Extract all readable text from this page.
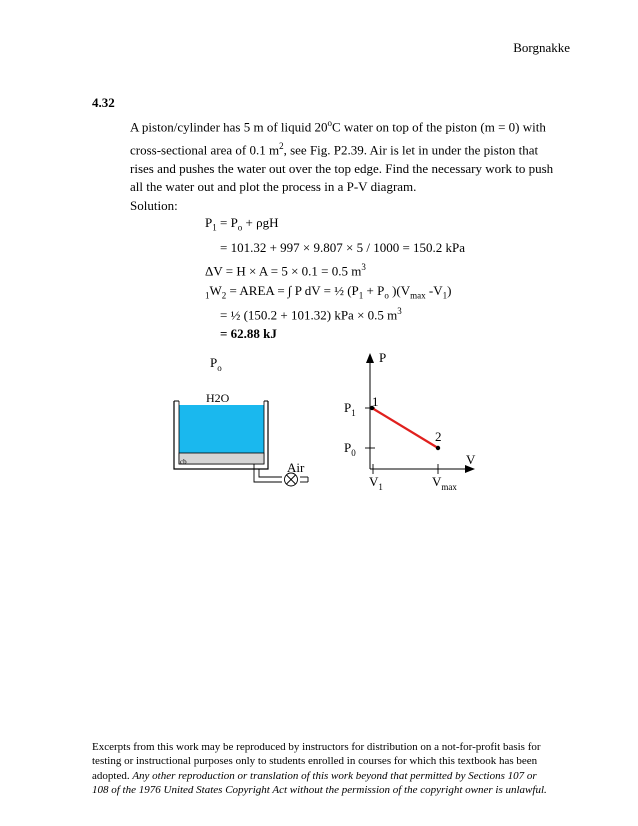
Borgnakke
4.32
A piston/cylinder has 5 m of liquid 20$^o$C water on top of the piston (m = 0) with cross-sectional area of 0.1 $m^2$, see Fig. P2.39. Air is let in under the piston that rises and pushes the water out over the top edge. Find the necessary work to push all the water out and plot the process in a P-V diagram.
Solution:
$P_1 = P_o + \rho gH$
= 101.32 + 997 × 9.807 × 5 / 1000 = 150.2 kPa
ΔV = H × A = 5 × 0.1 = 0.5 $m^3$
$_1W_2$ = AREA = ∫ P dV = ½ ($P_1 + P_o$ )($V_{max}$ $-V_1$)
= ½ (150.2 + 101.32) kPa × 0.5 $m^3$
= 62.88 kJ
$P_o$
cb
H2O
Air
P
V
$P_1$
$P_0$
$V_1$	$V_{max}$
1
2
Excerpts from this work may be reproduced by instructors for distribution on a not-for-profit basis for testing or instructional purposes only to students enrolled in courses for which this textbook has been adopted. Any other reproduction or translation of this work beyond that permitted by Sections 107 or 108 of the 1976 United States Copyright Act without the permission of the copyright owner is unlawful.
